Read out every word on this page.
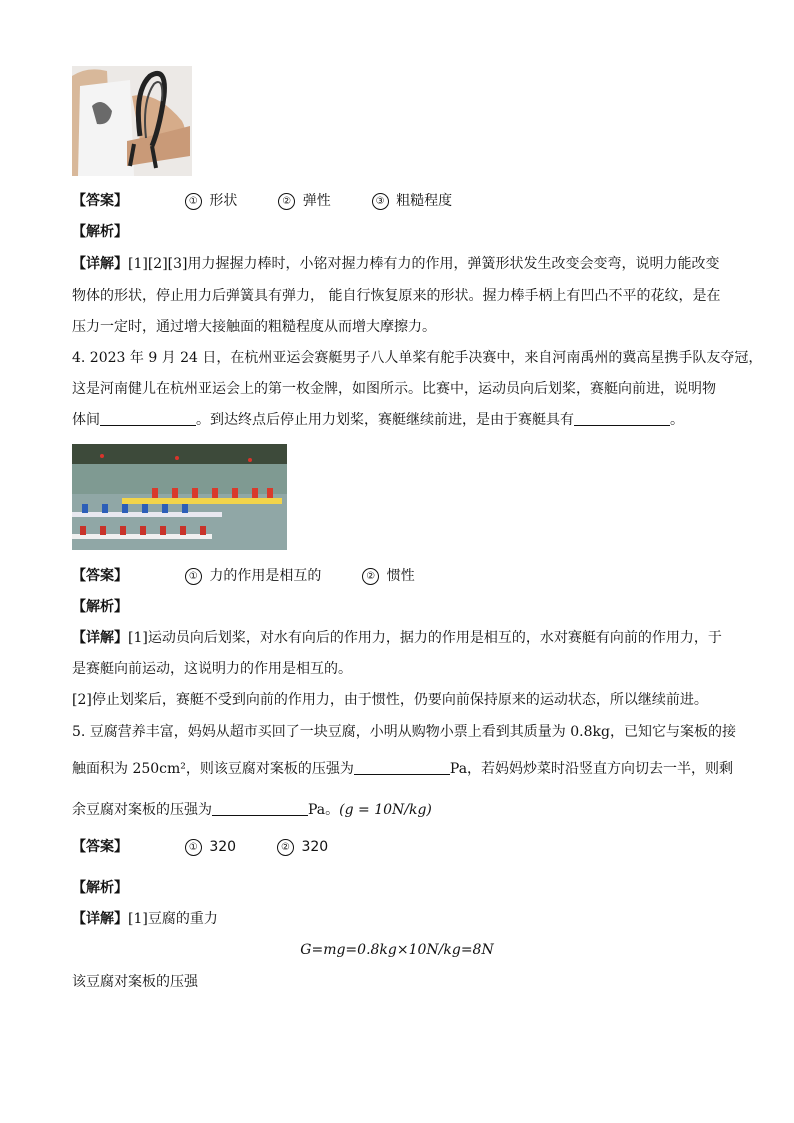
【答案】	① 形状	② 弹性	③ 粗糙程度
【解析】
【详解】[1][2][3]用力握握力棒时，小铭对握力棒有力的作用，弹簧形状发生改变会变弯，说明力能改变
物体的形状，停止用力后弹簧具有弹力， 能自行恢复原来的形状。握力棒手柄上有凹凸不平的花纹，是在
压力一定时，通过增大接触面的粗糙程度从而增大摩擦力。
4. 2023 年 9 月 24 日，在杭州亚运会赛艇男子八人单桨有舵手决赛中，来自河南禹州的冀高星携手队友夺冠，
这是河南健儿在杭州亚运会上的第一枚金牌，如图所示。比赛中，运动员向后划桨，赛艇向前进，说明物
体间	。到达终点后停止用力划桨，赛艇继续前进，是由于赛艇具有	。
【答案】	① 力的作用是相互的	② 惯性
【解析】
【详解】[1]运动员向后划桨，对水有向后的作用力，据力的作用是相互的，水对赛艇有向前的作用力，于
是赛艇向前运动，这说明力的作用是相互的。
[2]停止划桨后，赛艇不受到向前的作用力，由于惯性，仍要向前保持原来的运动状态，所以继续前进。
5. 豆腐营养丰富，妈妈从超市买回了一块豆腐，小明从购物小票上看到其质量为 0.8kg，已知它与案板的接
触面积为 250cm²，则该豆腐对案板的压强为	Pa，若妈妈炒菜时沿竖直方向切去一半，则剩
余豆腐对案板的压强为	Pa。(g = 10N/kg)
【答案】	① 320	② 320
【解析】
【详解】[1]豆腐的重力
G=mg=0.8kg×10N/kg=8N
该豆腐对案板的压强
